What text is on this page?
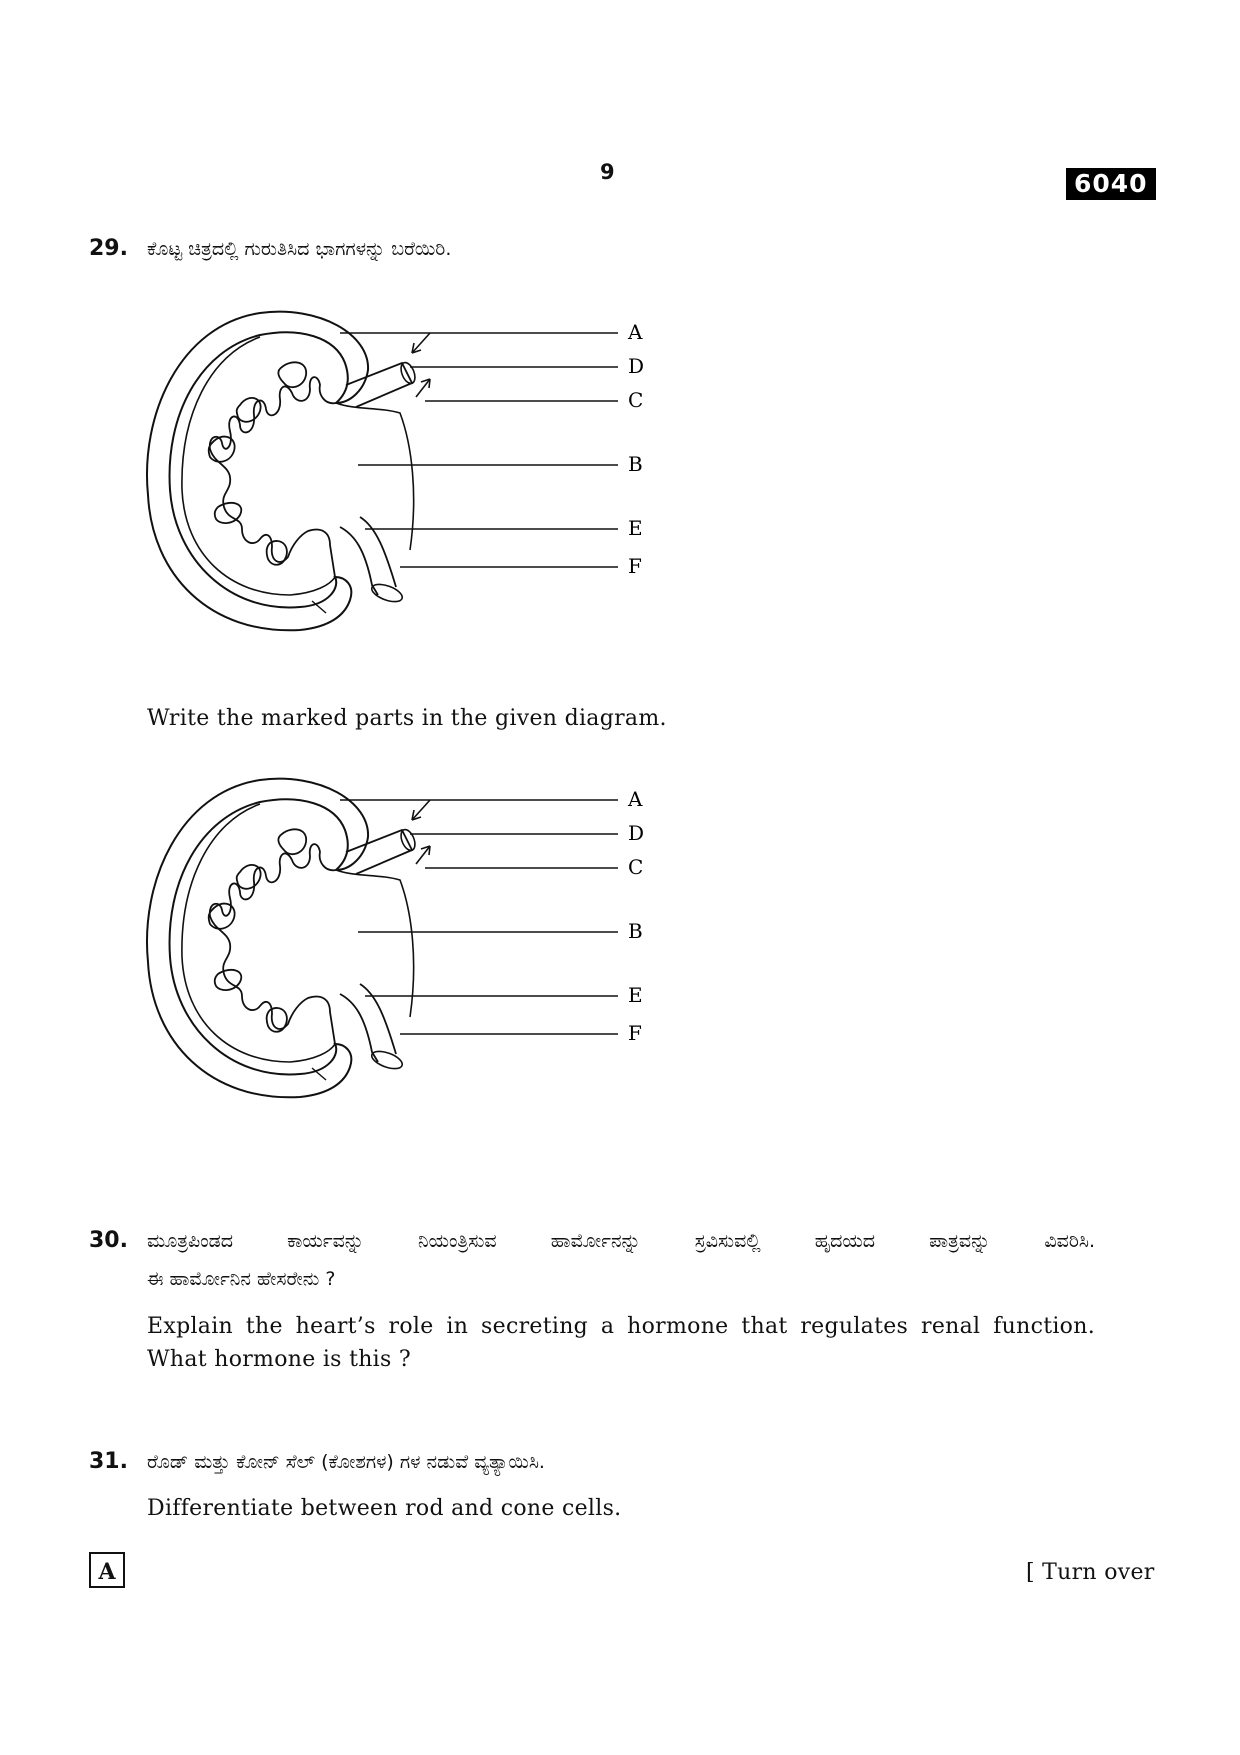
9	6040
29. ಕೊಟ್ಟ ಚಿತ್ರದಲ್ಲಿ ಗುರುತಿಸಿದ ಭಾಗಗಳನ್ನು ಬರೆಯಿರಿ.
A
D
C
B
E
F
Write the marked parts in the given diagram.
A
D
C
B
E
F
30. ಮೂತ್ರಪಿಂಡದ ಕಾರ್ಯವನ್ನು ನಿಯಂತ್ರಿಸುವ ಹಾರ್ಮೋನನ್ನು ಸ್ರವಿಸುವಲ್ಲಿ ಹೃದಯದ ಪಾತ್ರವನ್ನು ವಿವರಿಸಿ.
ಈ ಹಾರ್ಮೋನಿನ ಹೇಸರೇನು ?
Explain the heart’s role in secreting a hormone that regulates renal function.
What hormone is this ?
31. ರೊಡ್ ಮತ್ತು ಕೋನ್ ಸೆಲ್ (ಕೋಶಗಳ) ಗಳ ನಡುವೆ ವ್ಯತ್ಯಾಯಿಸಿ.
Differentiate between rod and cone cells.
A	[ Turn over
